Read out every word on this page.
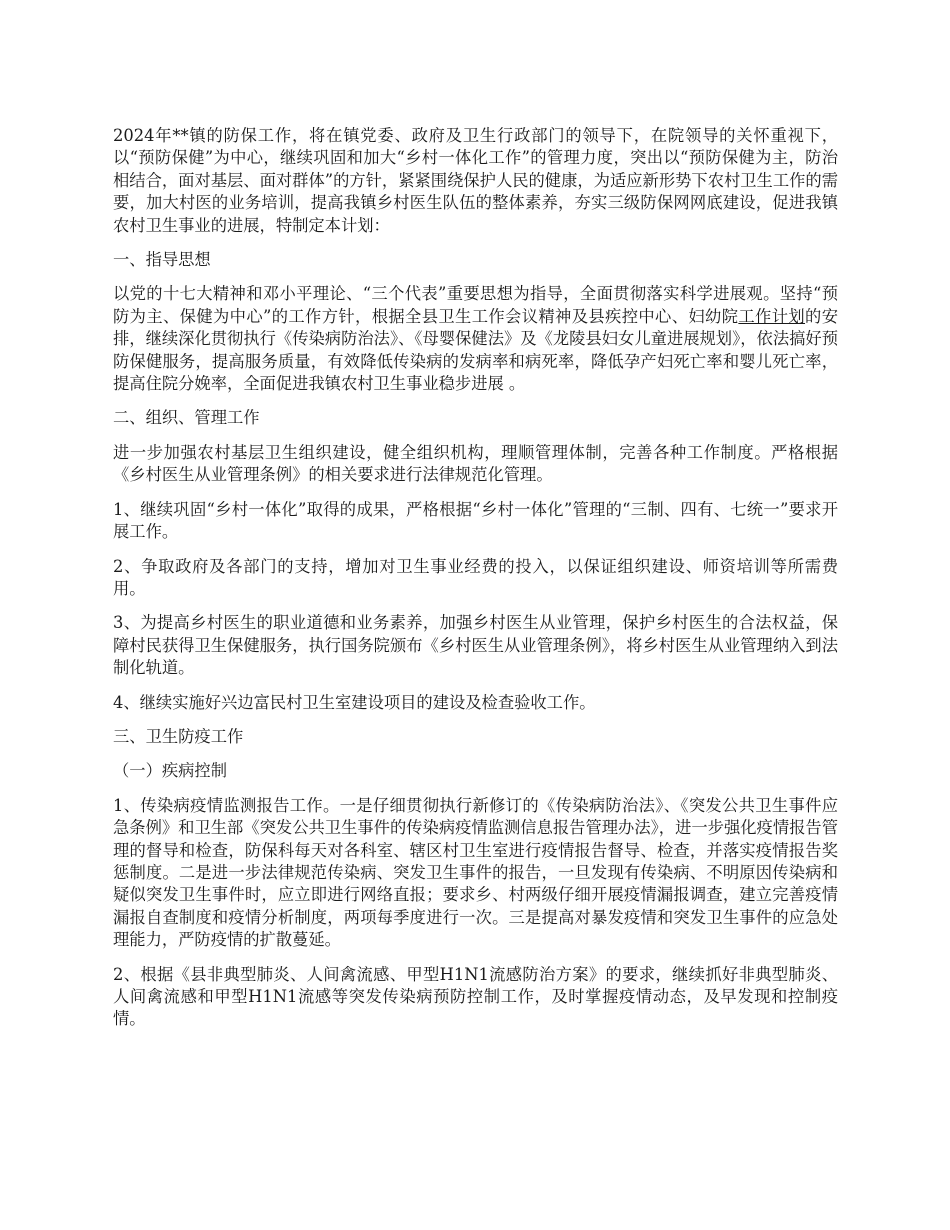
2024年**镇的防保工作，将在镇党委、政府及卫生行政部门的领导下，在院领导的关怀重视下，以“预防保健”为中心，继续巩固和加大“乡村一体化工作”的管理力度，突出以“预防保健为主，防治相结合，面对基层、面对群体”的方针，紧紧围绕保护人民的健康，为适应新形势下农村卫生工作的需要，加大村医的业务培训，提高我镇乡村医生队伍的整体素养，夯实三级防保网网底建设，促进我镇农村卫生事业的进展，特制定本计划：

一、指导思想

以党的十七大精神和邓小平理论、“三个代表”重要思想为指导，全面贯彻落实科学进展观。坚持“预防为主、保健为中心”的工作方针，根据全县卫生工作会议精神及县疾控中心、妇幼院工作计划的安排，继续深化贯彻执行《传染病防治法》、《母婴保健法》及《龙陵县妇女儿童进展规划》，依法搞好预防保健服务，提高服务质量，有效降低传染病的发病率和病死率，降低孕产妇死亡率和婴儿死亡率，提高住院分娩率，全面促进我镇农村卫生事业稳步进展 。

二、组织、管理工作

进一步加强农村基层卫生组织建设，健全组织机构，理顺管理体制，完善各种工作制度。严格根据《乡村医生从业管理条例》的相关要求进行法律规范化管理。

1、继续巩固“乡村一体化”取得的成果，严格根据“乡村一体化”管理的“三制、四有、七统一”要求开展工作。

2、争取政府及各部门的支持，增加对卫生事业经费的投入，以保证组织建设、师资培训等所需费用。

3、为提高乡村医生的职业道德和业务素养，加强乡村医生从业管理，保护乡村医生的合法权益，保障村民获得卫生保健服务，执行国务院颁布《乡村医生从业管理条例》，将乡村医生从业管理纳入到法制化轨道。

4、继续实施好兴边富民村卫生室建设项目的建设及检查验收工作。

三、卫生防疫工作

（一）疾病控制

1、传染病疫情监测报告工作。一是仔细贯彻执行新修订的《传染病防治法》、《突发公共卫生事件应急条例》和卫生部《突发公共卫生事件的传染病疫情监测信息报告管理办法》，进一步强化疫情报告管理的督导和检查，防保科每天对各科室、辖区村卫生室进行疫情报告督导、检查，并落实疫情报告奖惩制度。二是进一步法律规范传染病、突发卫生事件的报告，一旦发现有传染病、不明原因传染病和疑似突发卫生事件时，应立即进行网络直报；要求乡、村两级仔细开展疫情漏报调查，建立完善疫情漏报自查制度和疫情分析制度，两项每季度进行一次。三是提高对暴发疫情和突发卫生事件的应急处理能力，严防疫情的扩散蔓延。

2、根据《县非典型肺炎、人间禽流感、甲型H1N1流感防治方案》的要求，继续抓好非典型肺炎、人间禽流感和甲型H1N1流感等突发传染病预防控制工作，及时掌握疫情动态，及早发现和控制疫情。
